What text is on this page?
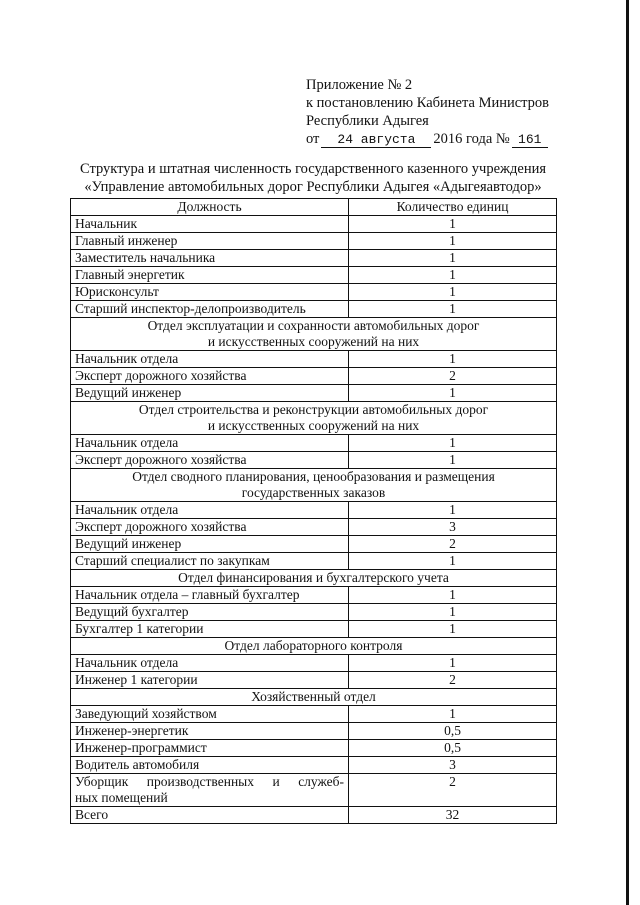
Приложение № 2
к постановлению Кабинета Министров
Республики Адыгея
от	24 августа	2016 года № 161
Структура и штатная численность государственного казенного учреждения
«Управление автомобильных дорог Республики Адыгея «Адыгеяавтодор»
Должность	Количество единиц
Начальник	1
Главный инженер	1
Заместитель начальника	1
Главный энергетик	1
Юрисконсульт	1
Старший инспектор-делопроизводитель	1

Отдел эксплуатации и сохранности автомобильных дорог
и искусственных сооружений на них	

Начальник отдела	1
Эксперт дорожного хозяйства	2
Ведущий инженер	1

Отдел строительства и реконструкции автомобильных дорог
и искусственных сооружений на них	

Начальник отдела	1
Эксперт дорожного хозяйства	1

Отдел сводного планирования, ценообразования и размещения
государственных заказов	

Начальник отдела	1
Эксперт дорожного хозяйства	3
Ведущий инженер	2
Старший специалист по закупкам	1

Отдел финансирования и бухгалтерского учета	

Начальник отдела – главный бухгалтер	1
Ведущий бухгалтер	1
Бухгалтер 1 категории	1

Отдел лабораторного контроля	

Начальник отдела	1
Инженер 1 категории	2

Хозяйственный отдел	

Заведующий хозяйством	1
Инженер-энергетик	0,5
Инженер-программист	0,5
Водитель автомобиля	3

Уборщик производственных и служеб-
ных помещений	2
Всего	32
